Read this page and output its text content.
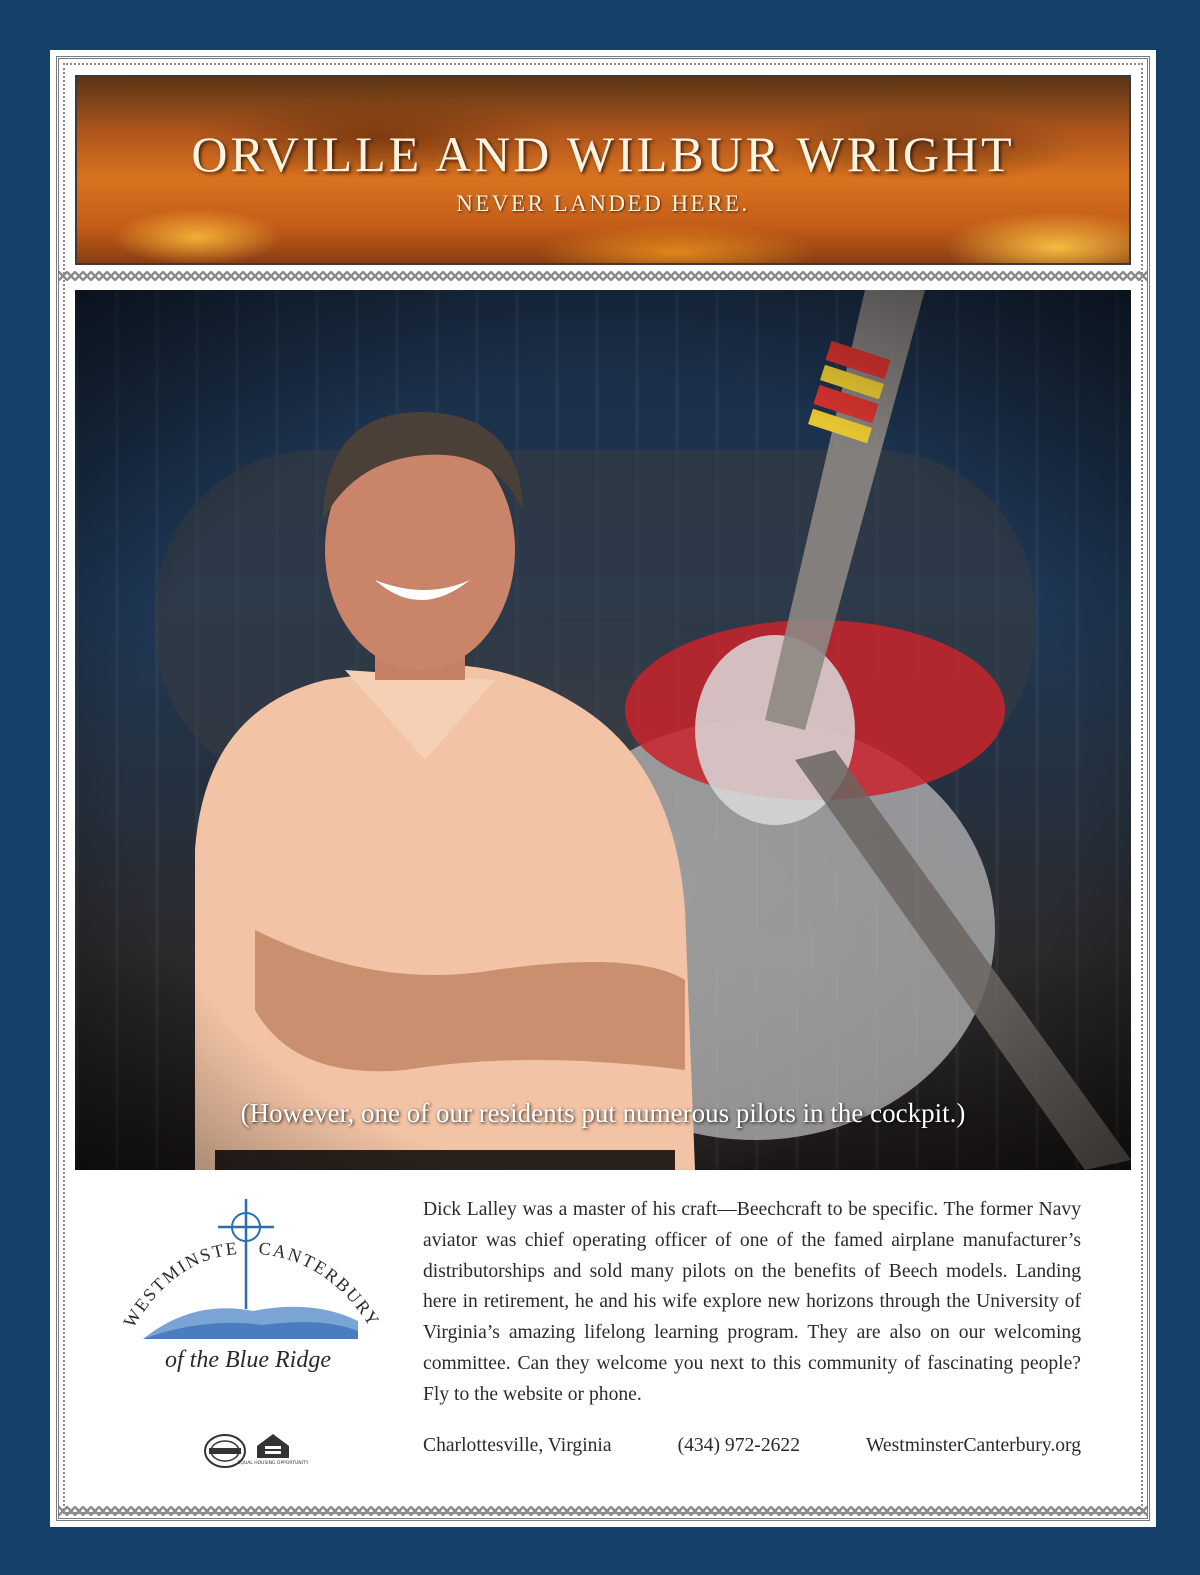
ORVILLE AND WILBUR WRIGHT
NEVER LANDED HERE.
(However, one of our residents put numerous pilots in the cockpit.)
WESTMINSTE CANTERBURY
of the Blue Ridge
Dick Lalley was a master of his craft—Beechcraft to be specific. The former Navy aviator was chief operating officer of one of the famed airplane manufacturer’s distributorships and sold many pilots on the benefits of Beech models. Landing here in retirement, he and his wife explore new horizons through the University of Virginia’s amazing lifelong learning program. They are also on our welcoming committee. Can they welcome you next to this community of fascinating people? Fly to the website or phone.
EQUAL HOUSING OPPORTUNITY
Charlottesville, Virginia	(434) 972-2622	WestminsterCanterbury.org
